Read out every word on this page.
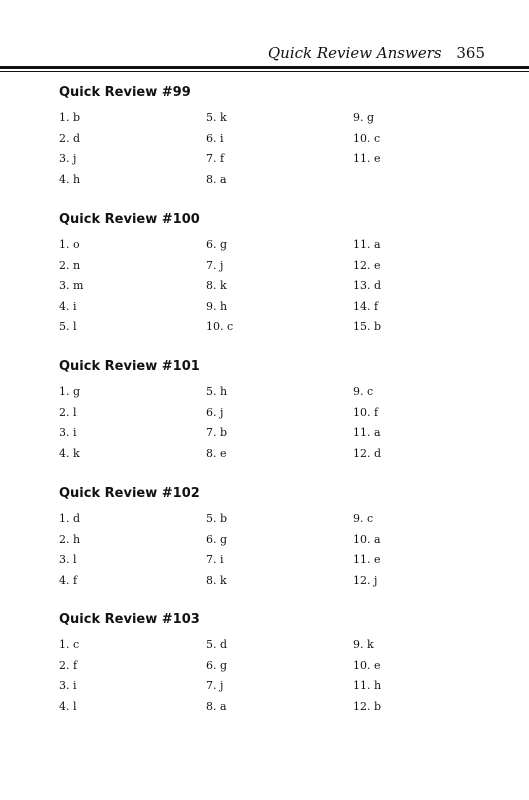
Quick Review Answers 365
Quick Review #99
1. b	5. k	9. g
2. d	6. i	10. c
3. j	7. f	11. e
4. h	8. a
Quick Review #100
1. o	6. g	11. a
2. n	7. j	12. e
3. m	8. k	13. d
4. i	9. h	14. f
5. l	10. c	15. b
Quick Review #101
1. g	5. h	9. c
2. l	6. j	10. f
3. i	7. b	11. a
4. k	8. e	12. d
Quick Review #102
1. d	5. b	9. c
2. h	6. g	10. a
3. l	7. i	11. e
4. f	8. k	12. j
Quick Review #103
1. c	5. d	9. k
2. f	6. g	10. e
3. i	7. j	11. h
4. l	8. a	12. b
